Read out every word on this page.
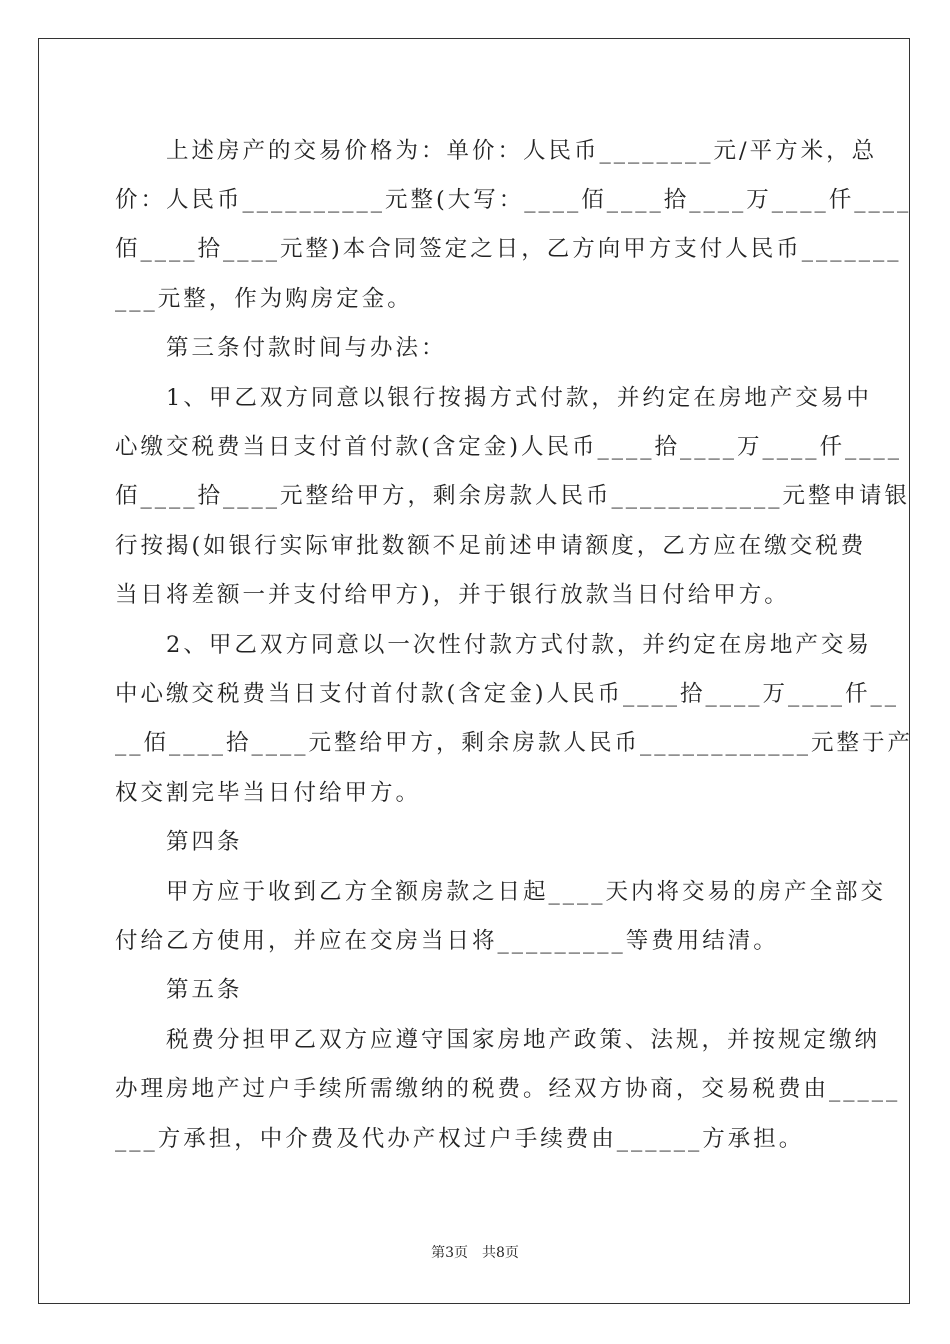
　　上述房产的交易价格为：单价：人民币________元/平方米，总
价：人民币__________元整(大写：____佰____拾____万____仟____
佰____拾____元整)本合同签定之日，乙方向甲方支付人民币_______
___元整，作为购房定金。
　　第三条付款时间与办法：
　　1、甲乙双方同意以银行按揭方式付款，并约定在房地产交易中
心缴交税费当日支付首付款(含定金)人民币____拾____万____仟____
佰____拾____元整给甲方，剩余房款人民币____________元整申请银
行按揭(如银行实际审批数额不足前述申请额度，乙方应在缴交税费
当日将差额一并支付给甲方)，并于银行放款当日付给甲方。
　　2、甲乙双方同意以一次性付款方式付款，并约定在房地产交易
中心缴交税费当日支付首付款(含定金)人民币____拾____万____仟__
__佰____拾____元整给甲方，剩余房款人民币____________元整于产
权交割完毕当日付给甲方。
　　第四条
　　甲方应于收到乙方全额房款之日起____天内将交易的房产全部交
付给乙方使用，并应在交房当日将_________等费用结清。
　　第五条
　　税费分担甲乙双方应遵守国家房地产政策、法规，并按规定缴纳
办理房地产过户手续所需缴纳的税费。经双方协商，交易税费由_____
___方承担，中介费及代办产权过户手续费由______方承担。
第3页　共8页
